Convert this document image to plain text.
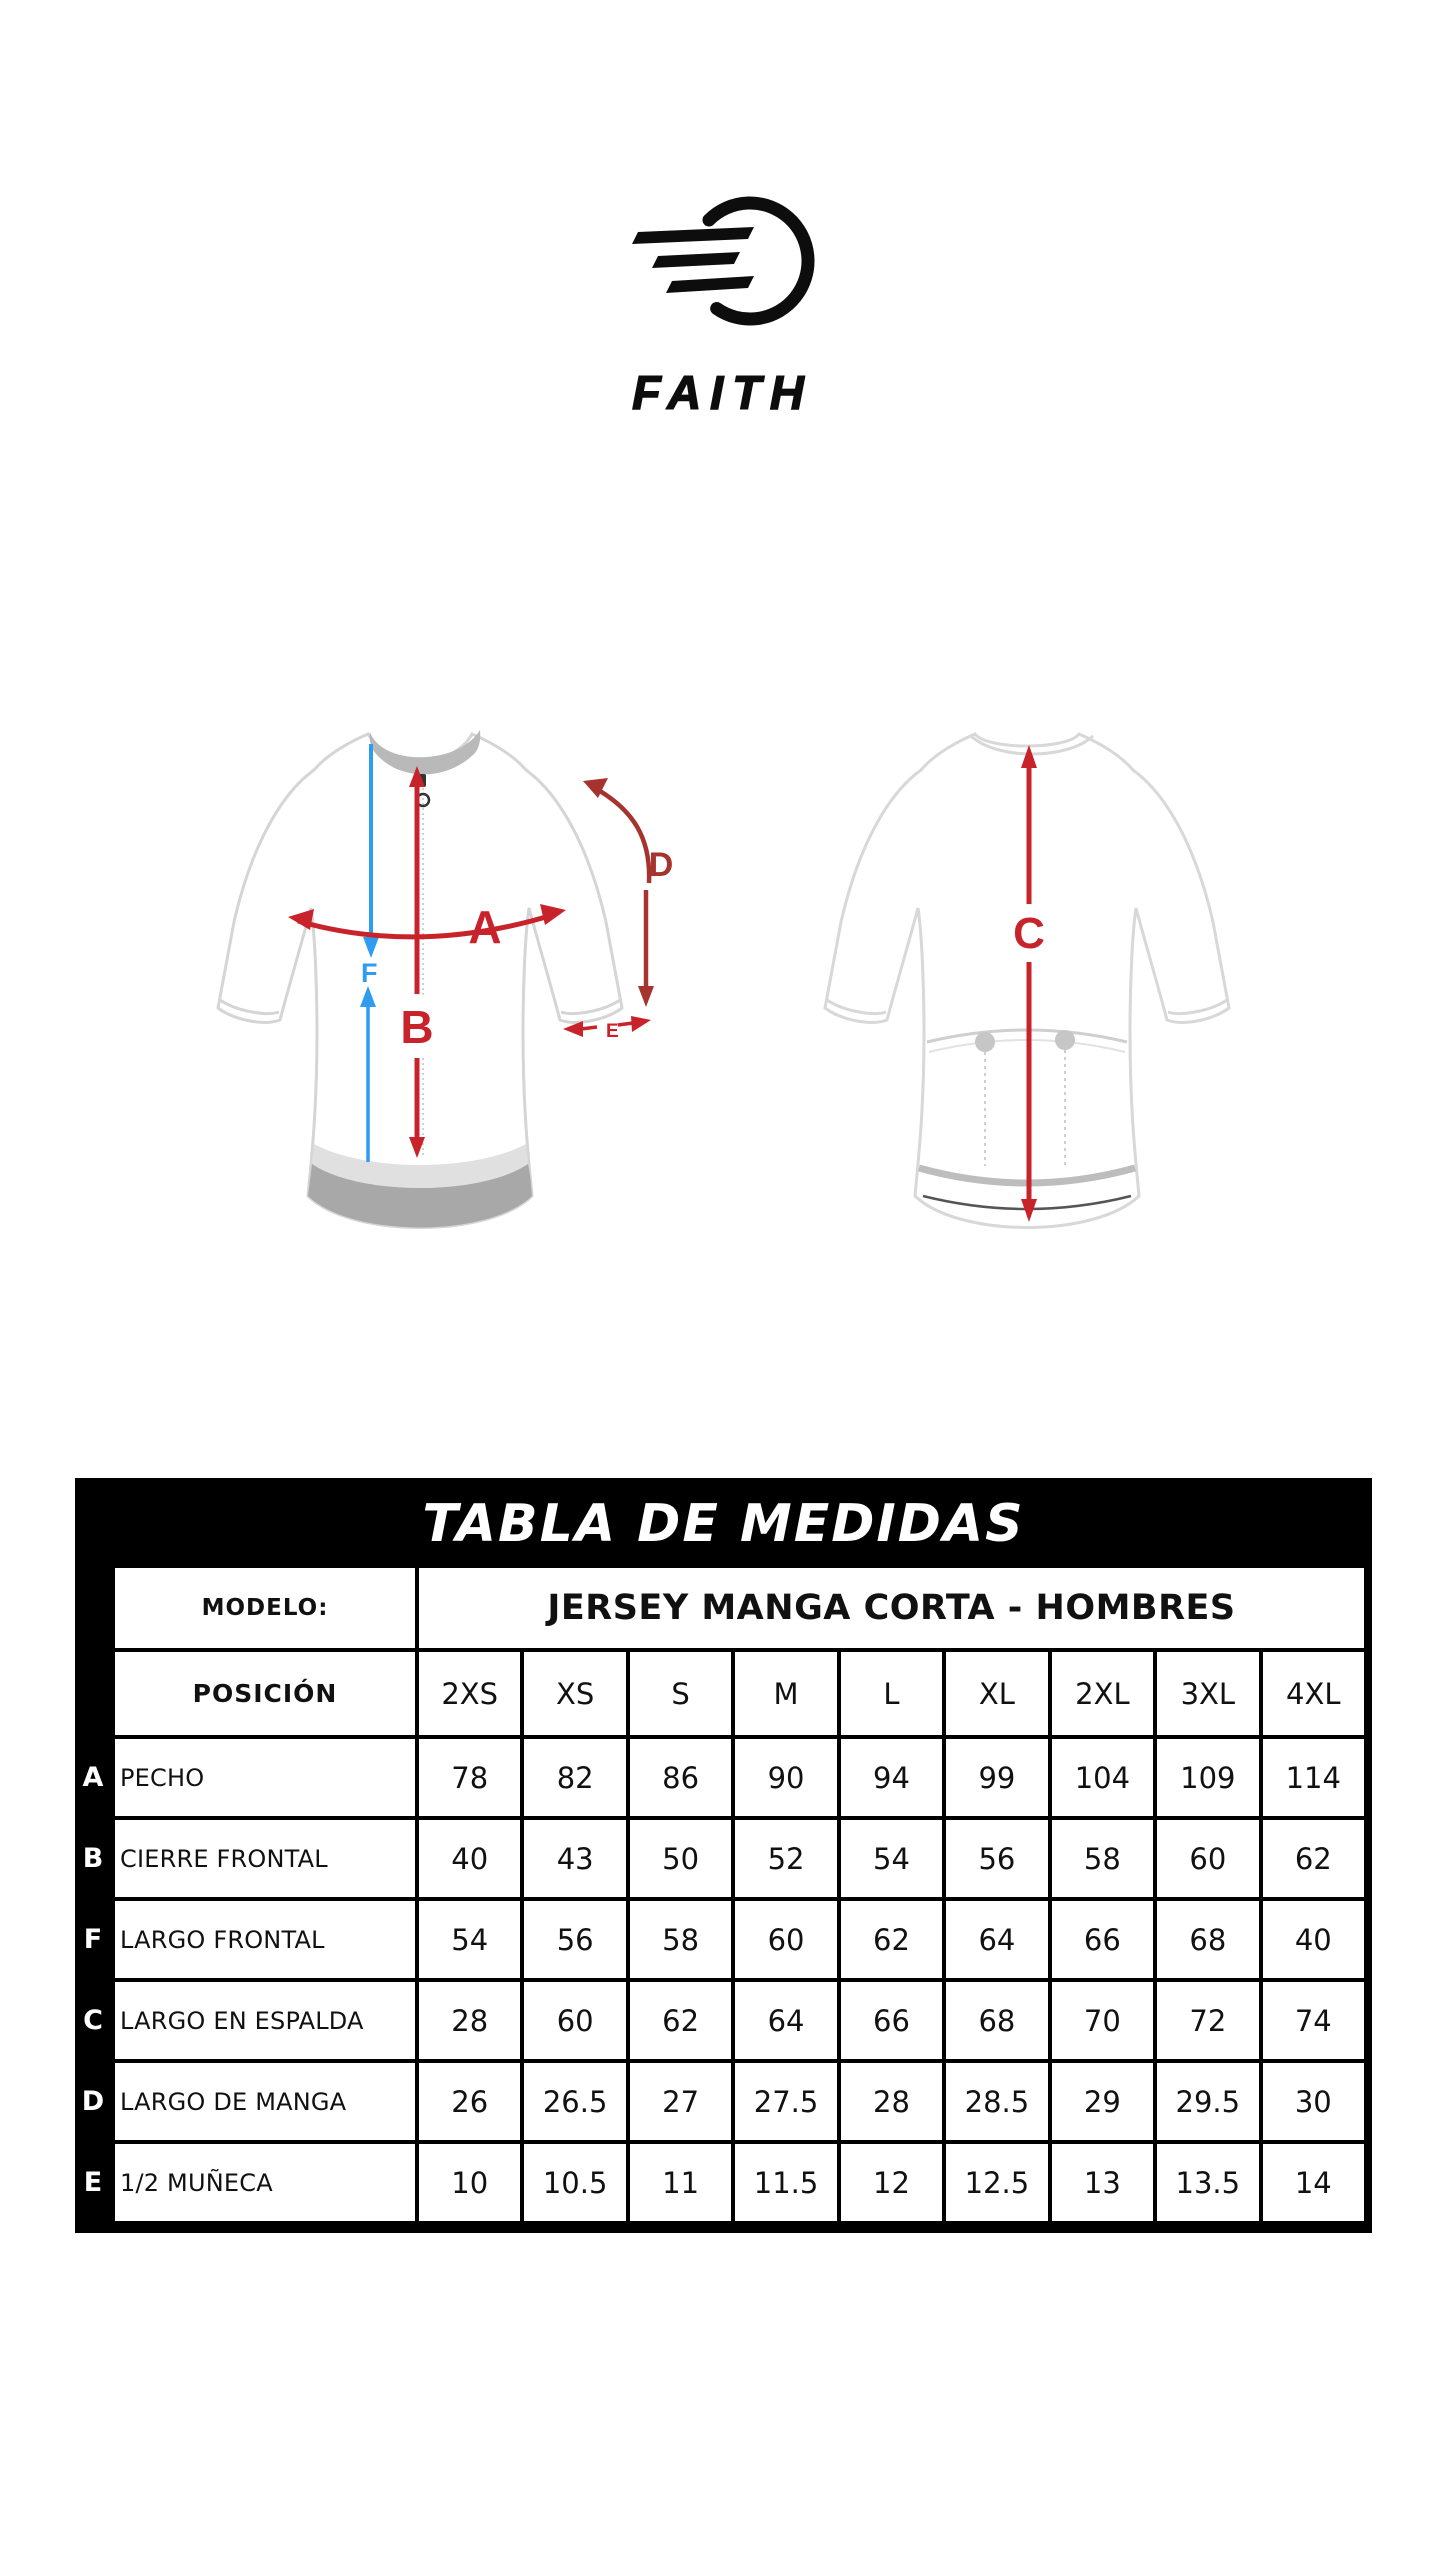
FAITH
F
B
A
D
E
C
TABLA DE MEDIDAS
MODELO:	JERSEY MANGA CORTA - HOMBRES
POSICIÓN	2XS	XS	S	M	L	XL	2XL	3XL	4XL
A PECHO	78	82	86	90	94	99	104	109	114
B CIERRE FRONTAL	40	43	50	52	54	56	58	60	62
F LARGO FRONTAL	54	56	58	60	62	64	66	68	40
C LARGO EN ESPALDA	28	60	62	64	66	68	70	72	74
D LARGO DE MANGA	26	26.5	27	27.5	28	28.5	29	29.5	30
E 1/2 MUÑECA	10	10.5	11	11.5	12	12.5	13	13.5	14
